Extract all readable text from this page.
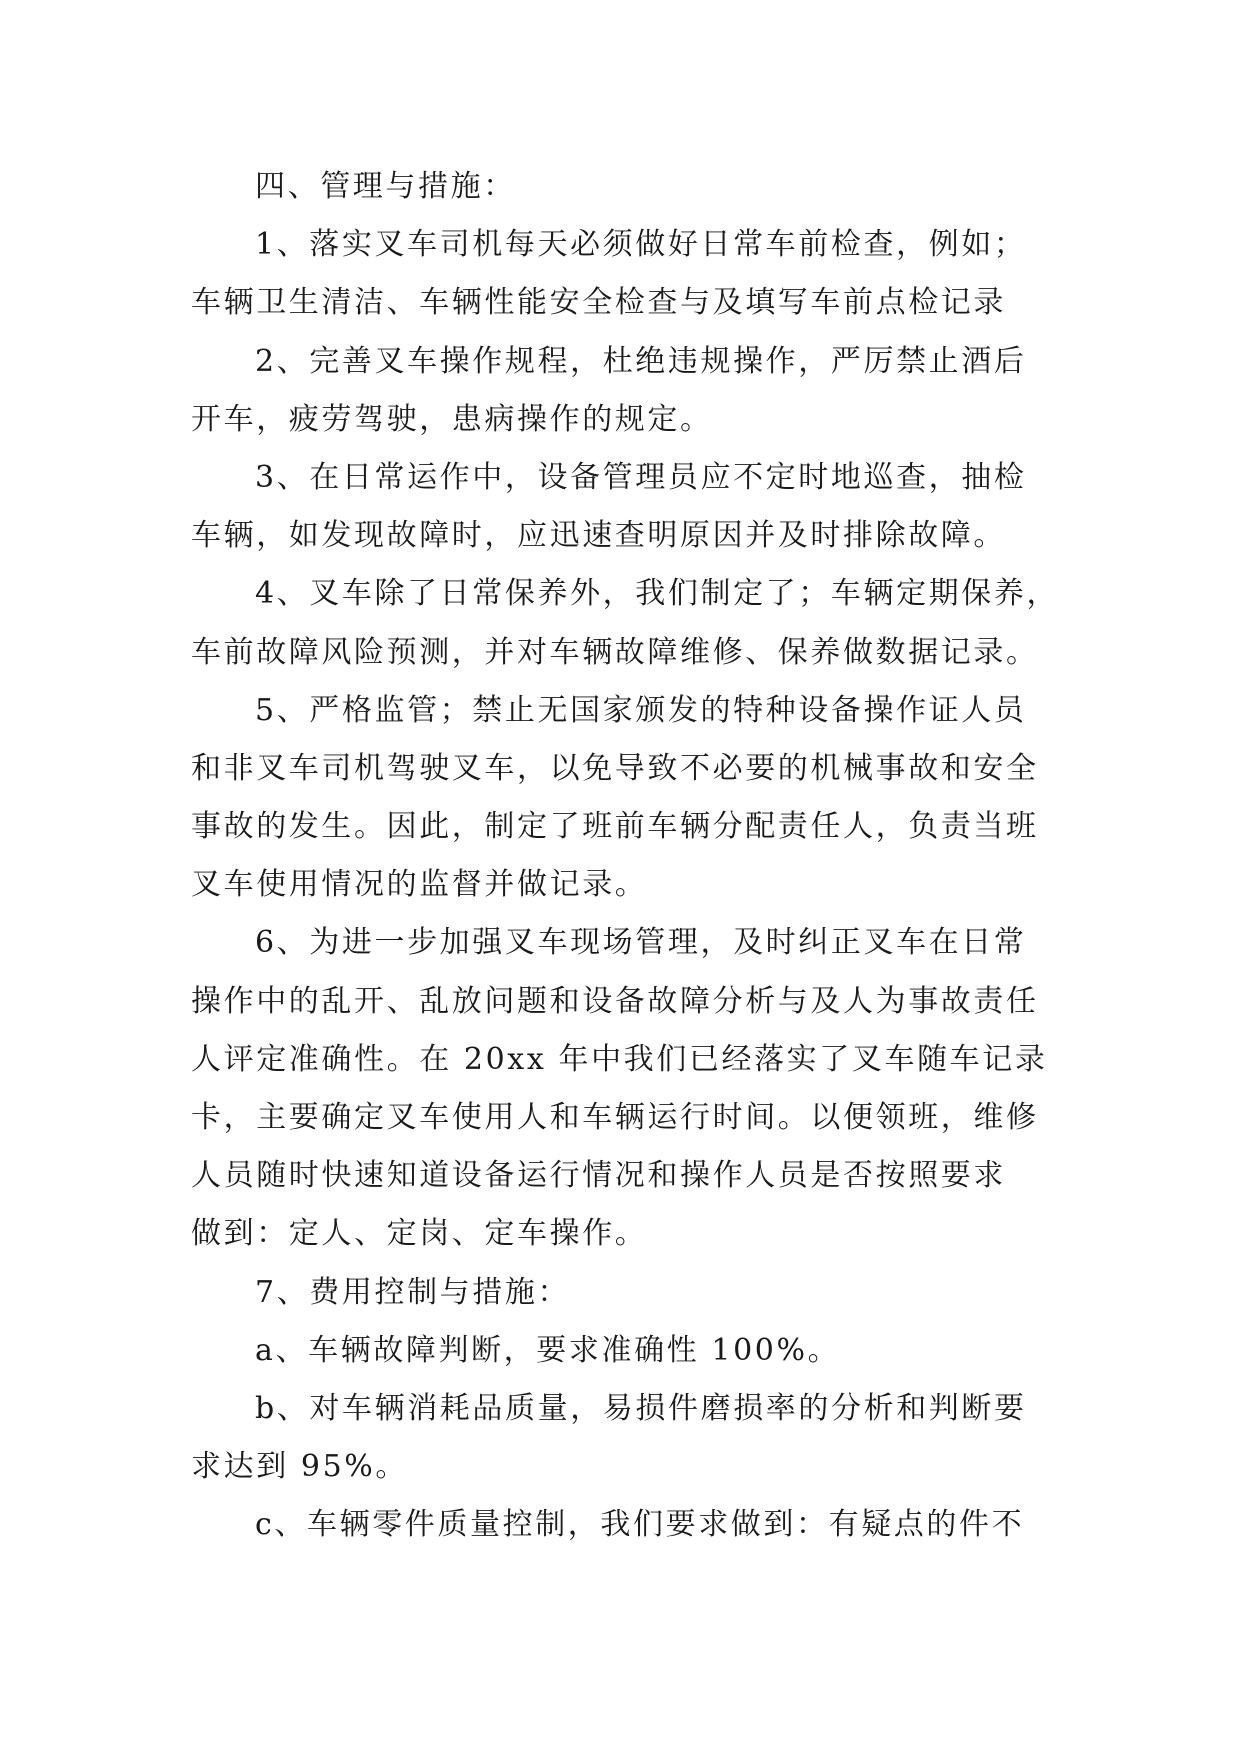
四、管理与措施：
1、落实叉车司机每天必须做好日常车前检查，例如；
车辆卫生清洁、车辆性能安全检查与及填写车前点检记录
2、完善叉车操作规程，杜绝违规操作，严厉禁止酒后
开车，疲劳驾驶，患病操作的规定。
3、在日常运作中，设备管理员应不定时地巡查，抽检
车辆，如发现故障时，应迅速查明原因并及时排除故障。
4、叉车除了日常保养外，我们制定了；车辆定期保养，
车前故障风险预测，并对车辆故障维修、保养做数据记录。
5、严格监管；禁止无国家颁发的特种设备操作证人员
和非叉车司机驾驶叉车，以免导致不必要的机械事故和安全
事故的发生。因此，制定了班前车辆分配责任人，负责当班
叉车使用情况的监督并做记录。
6、为进一步加强叉车现场管理，及时纠正叉车在日常
操作中的乱开、乱放问题和设备故障分析与及人为事故责任
人评定准确性。在 20xx 年中我们已经落实了叉车随车记录
卡，主要确定叉车使用人和车辆运行时间。以便领班，维修
人员随时快速知道设备运行情况和操作人员是否按照要求
做到：定人、定岗、定车操作。
7、费用控制与措施：
a、车辆故障判断，要求准确性 100%。
b、对车辆消耗品质量，易损件磨损率的分析和判断要
求达到 95%。
c、车辆零件质量控制，我们要求做到：有疑点的件不
